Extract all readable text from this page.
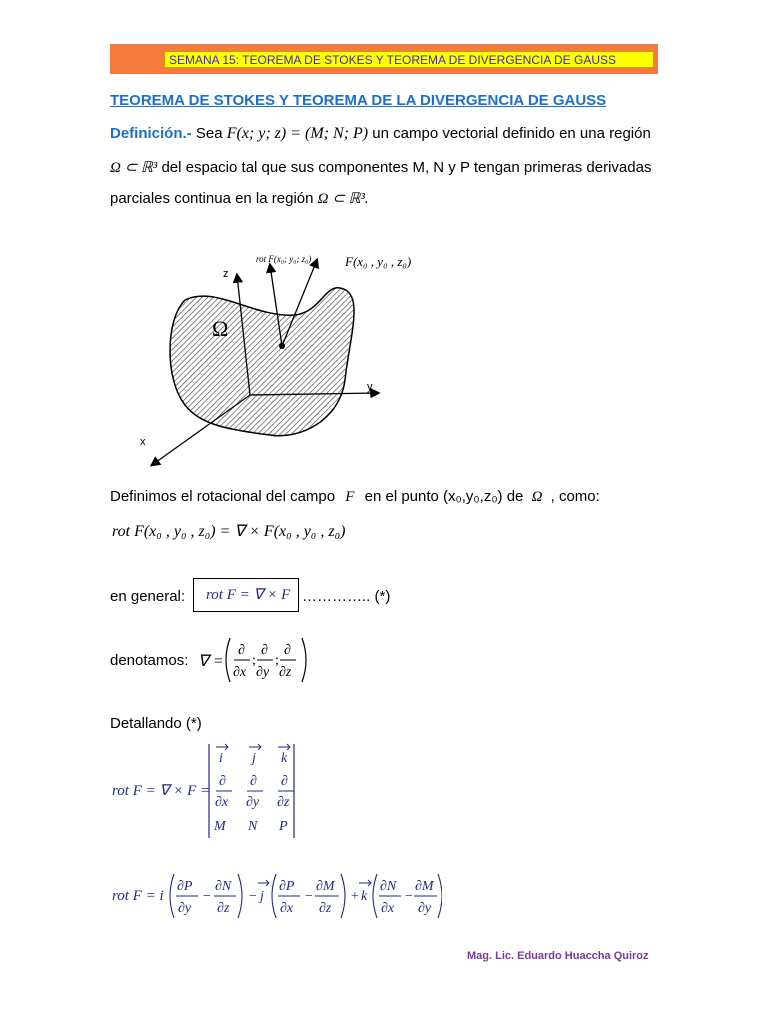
SEMANA 15: TEOREMA DE STOKES Y TEOREMA DE DIVERGENCIA DE GAUSS
TEOREMA DE STOKES Y TEOREMA DE LA DIVERGENCIA DE GAUSS
Definición.- Sea F(x; y; z) = (M; N; P) un campo vectorial definido en una región
Ω ⊂ ℝ³ del espacio tal que sus componentes M, N y P tengan primeras derivadas
parciales continua en la región Ω ⊂ ℝ³.
Ω
z
x
y
rot F(x₀; y₀; z₀)	F(x₀ , y₀ , z₀)
Definimos el rotacional del campo F en el punto (x₀,y₀,z₀) de Ω , como:
rot F(x₀ , y₀ , z₀) = ∇ × F(x₀ , y₀ , z₀)
en general:	rot F = ∇ × F ………….. (*)
denotamos: ∇ =
∂
∂x
;
∂
∂y
;
∂
∂z
Detallando (*)
rot F = ∇ × F =
i j k
∂
∂x
∂
∂y
∂
∂z
M N P
rot F = i
∂P
∂y
−
∂N
∂z
− j
∂P
∂x
−
∂M
∂z
+ k
∂N
∂x
−
∂M
∂y
Mag. Lic. Eduardo Huaccha Quiroz
